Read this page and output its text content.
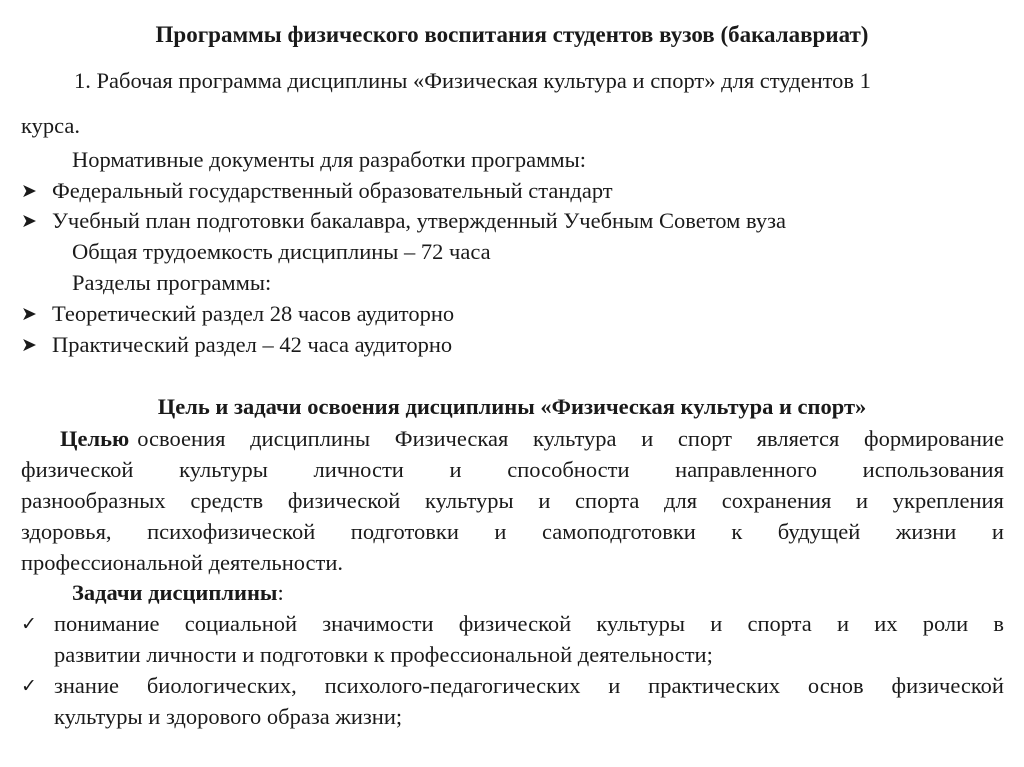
Программы физического воспитания студентов вузов (бакалавриат)
1. Рабочая программа дисциплины «Физическая культура и спорт» для студентов 1
курса.
Нормативные документы для разработки программы:
➤ Федеральный государственный образовательный стандарт
➤ Учебный план подготовки бакалавра, утвержденный Учебным Советом вуза
Общая трудоемкость дисциплины – 72 часа
Разделы программы:
➤ Теоретический раздел 28 часов аудиторно
➤ Практический раздел – 42 часа аудиторно
Цель и задачи освоения дисциплины «Физическая культура и спорт»
Целью освоения дисциплины Физическая культура и спорт является формирование
физической культуры личности и способности направленного использования
разнообразных средств физической культуры и спорта для сохранения и укрепления
здоровья, психофизической подготовки и самоподготовки к будущей жизни и
профессиональной деятельности.
Задачи дисциплины:
✓ понимание социальной значимости физической культуры и спорта и их роли в
развитии личности и подготовки к профессиональной деятельности;
✓ знание биологических, психолого-педагогических и практических основ физической
культуры и здорового образа жизни;
